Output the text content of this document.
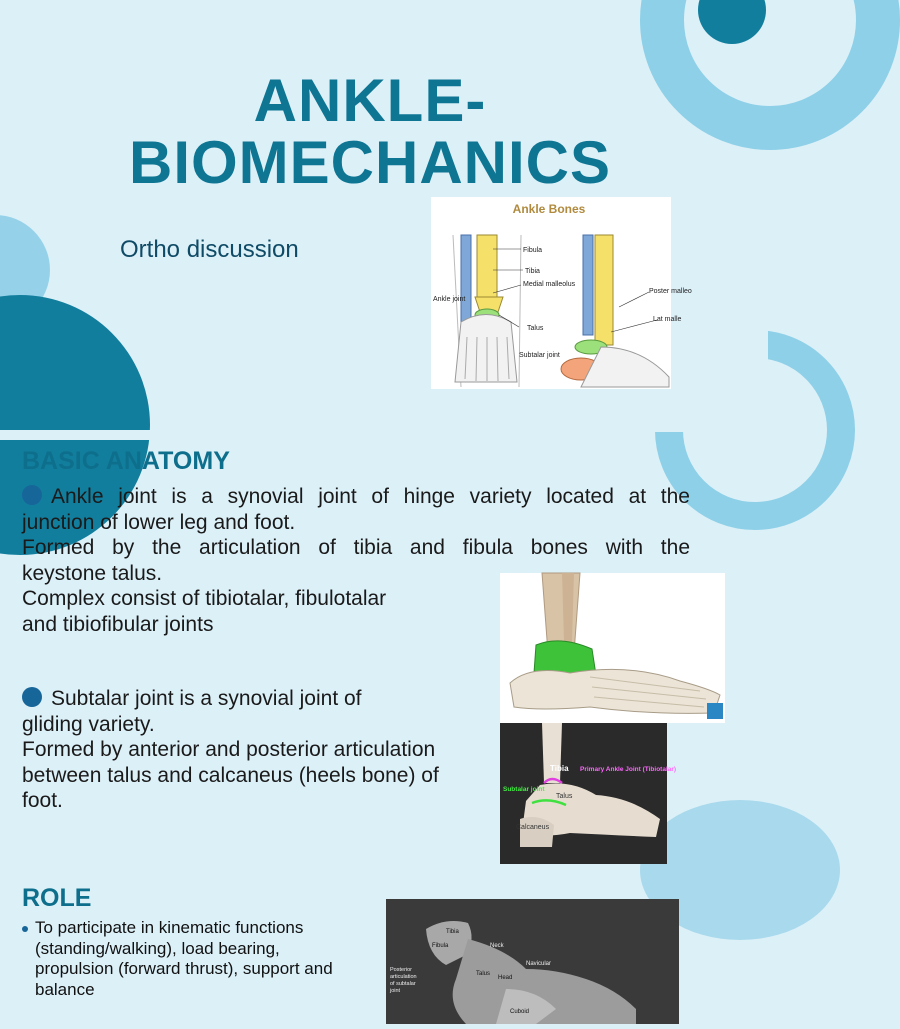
ANKLE-
BIOMECHANICS
Ortho discussion
Ankle Bones
Fibula
Tibia
Medial malleolus
Ankle joint
Talus
Subtalar joint
Poster malleo
Lat malle
BASIC ANATOMY

Ankle joint is a synovial joint of hinge variety located at the

junction of lower leg and foot.

Formed by the articulation of tibia and fibula bones with the

keystone talus.

Complex consist of tibiotalar, fibulotalar

and tibiofibular joints

Subtalar joint is a synovial joint of

gliding variety.

Formed by anterior and posterior articulation

between talus and calcaneus (heels bone) of

foot.

Tibia Primary Ankle Joint (Tibiotalar)
Subtalar joint
Talus
Calcaneus
ROLE
To participate in kinematic functions (standing/walking), load bearing, propulsion (forward thrust), support and balance
Tibia
Fibula	Neck
Navicular
Posterior articulation of subtalar joint
Talus
Head
Cuboid
